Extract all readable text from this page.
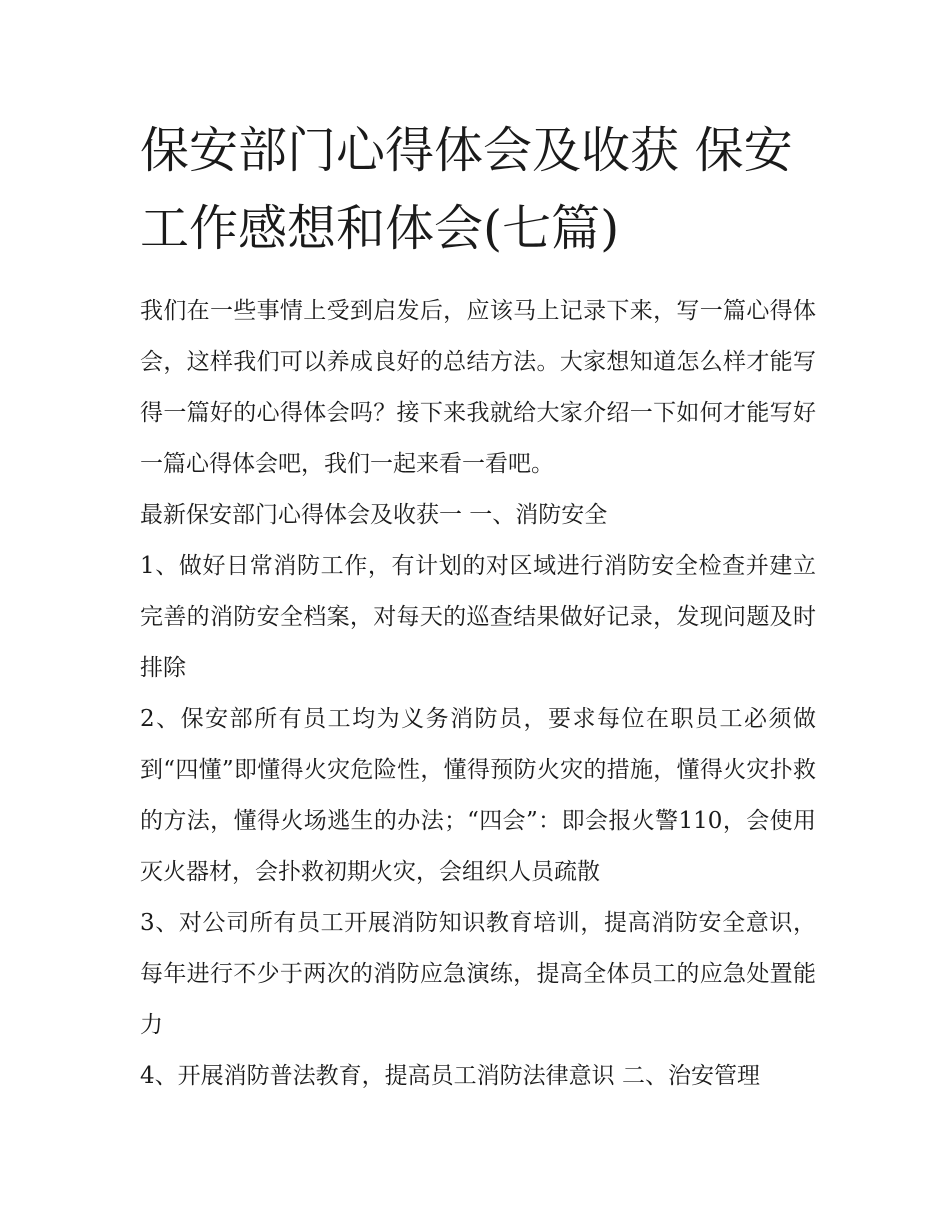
保安部门心得体会及收获 保安工作感想和体会(七篇)

我们在一些事情上受到启发后，应该马上记录下来，写一篇心得体会，这样我们可以养成良好的总结方法。大家想知道怎么样才能写得一篇好的心得体会吗？接下来我就给大家介绍一下如何才能写好一篇心得体会吧，我们一起来看一看吧。

最新保安部门心得体会及收获一 一、消防安全

1、做好日常消防工作，有计划的对区域进行消防安全检查并建立完善的消防安全档案，对每天的巡查结果做好记录，发现问题及时排除

2、保安部所有员工均为义务消防员，要求每位在职员工必须做到“四懂”即懂得火灾危险性，懂得预防火灾的措施，懂得火灾扑救的方法，懂得火场逃生的办法；“四会”：即会报火警110，会使用灭火器材，会扑救初期火灾，会组织人员疏散

3、对公司所有员工开展消防知识教育培训，提高消防安全意识，每年进行不少于两次的消防应急演练，提高全体员工的应急处置能力

4、开展消防普法教育，提高员工消防法律意识 二、治安管理
